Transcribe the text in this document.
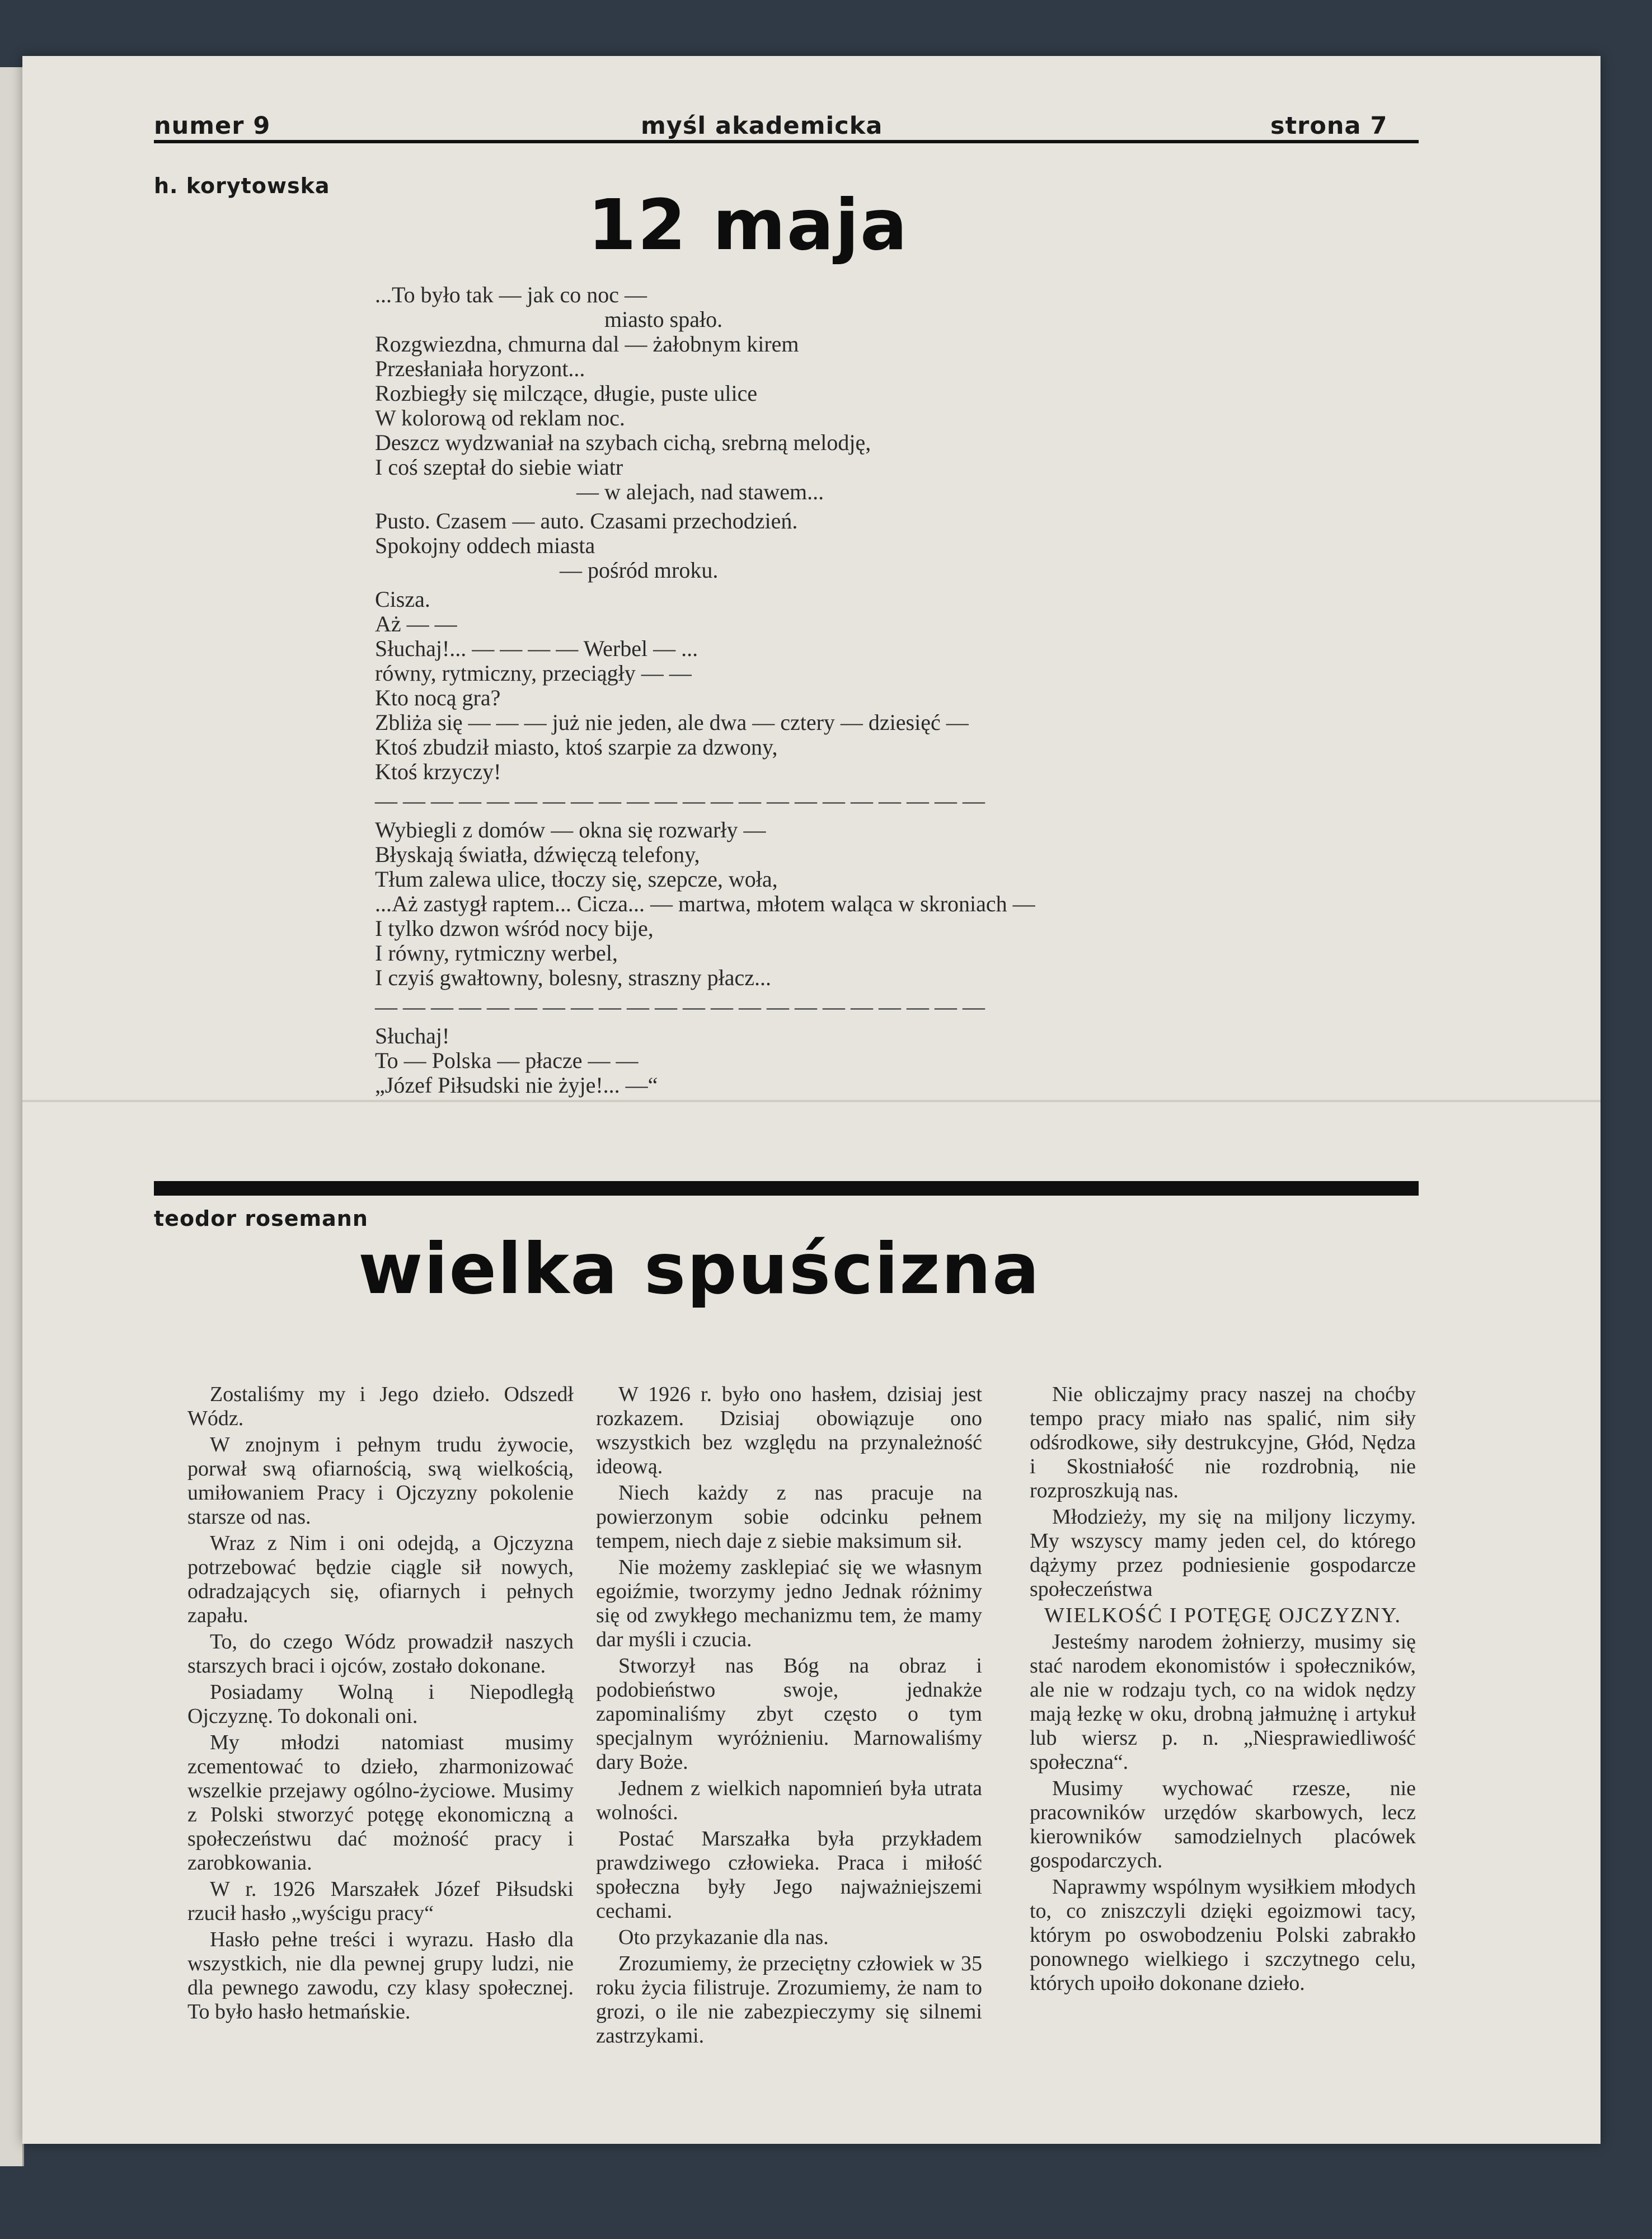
numer 9	myśl akademicka	strona 7
h. korytowska	12 maja
...To było tak — jak co noc —
miasto spało.
Rozgwiezdna, chmurna dal — żałobnym kirem
Przesłaniała horyzont...
Rozbiegły się milczące, długie, puste ulice
W kolorową od reklam noc.
Deszcz wydzwaniał na szybach cichą, srebrną melodję,
I coś szeptał do siebie wiatr
— w alejach, nad stawem...
Pusto. Czasem — auto. Czasami przechodzień.
Spokojny oddech miasta
— pośród mroku.
Cisza.
Aż — —
Słuchaj!... — — — — Werbel — ...
równy, rytmiczny, przeciągły — —
Kto nocą gra?
Zbliża się — — — już nie jeden, ale dwa — cztery — dziesięć —
Ktoś zbudził miasto, ktoś szarpie za dzwony,
Ktoś krzyczy!
— — — — — — — — — — — — — — — — — — — — — —
Wybiegli z domów — okna się rozwarły —
Błyskają światła, dźwięczą telefony,
Tłum zalewa ulice, tłoczy się, szepcze, woła,
...Aż zastygł raptem... Cicza... — martwa, młotem waląca w skroniach —
I tylko dzwon wśród nocy bije,
I równy, rytmiczny werbel,
I czyiś gwałtowny, bolesny, straszny płacz...
— — — — — — — — — — — — — — — — — — — — — —
Słuchaj!
To — Polska — płacze — —
„Józef Piłsudski nie żyje!... —“
teodor rosemann
wielka spuścizna

Zostaliśmy my i Jego dzieło. Odszedł Wódz.

W znojnym i pełnym trudu żywocie, porwał swą ofiarnością, swą wielkością, umiłowaniem Pracy i Ojczyzny pokolenie starsze od nas.

Wraz z Nim i oni odejdą, a Ojczyzna potrzebować będzie ciągle sił nowych, odradzających się, ofiarnych i pełnych zapału.

To, do czego Wódz prowadził naszych starszych braci i ojców, zostało dokonane.

Posiadamy Wolną i Niepodległą Ojczyznę. To dokonali oni.

My młodzi natomiast musimy zcementować to dzieło, zharmonizować wszelkie przejawy ogólno-życiowe. Musimy z Polski stworzyć potęgę ekonomiczną a społeczeństwu dać możność pracy i zarobkowania.

W r. 1926 Marszałek Józef Piłsudski rzucił hasło „wyścigu pracy“

Hasło pełne treści i wyrazu. Hasło dla wszystkich, nie dla pewnej grupy ludzi, nie dla pewnego zawodu, czy klasy społecznej. To było hasło hetmańskie.

W 1926 r. było ono hasłem, dzisiaj jest rozkazem. Dzisiaj obowiązuje ono wszystkich bez względu na przynależność ideową.

Niech każdy z nas pracuje na powierzonym sobie odcinku pełnem tempem, niech daje z siebie maksimum sił.

Nie możemy zasklepiać się we własnym egoiźmie, tworzymy jedno Jednak różnimy się od zwykłego mechanizmu tem, że mamy dar myśli i czucia.

Stworzył nas Bóg na obraz i podobieństwo swoje, jednakże zapominaliśmy zbyt często o tym specjalnym wyróżnieniu. Marnowaliśmy dary Boże.

Jednem z wielkich napomnień była utrata wolności.

Postać Marszałka była przykładem prawdziwego człowieka. Praca i miłość społeczna były Jego najważniejszemi cechami.

Oto przykazanie dla nas.

Zrozumiemy, że przeciętny człowiek w 35 roku życia filistruje. Zrozumiemy, że nam to grozi, o ile nie zabezpieczymy się silnemi zastrzykami.

Nie obliczajmy pracy naszej na choćby tempo pracy miało nas spalić, nim siły odśrodkowe, siły destrukcyjne, Głód, Nędza i Skostniałość nie rozdrobnią, nie rozproszkują nas.

Młodzieży, my się na miljony liczymy. My wszyscy mamy jeden cel, do którego dążymy przez podniesienie gospodarcze społeczeństwa

WIELKOŚĆ I POTĘGĘ OJCZYZNY.

Jesteśmy narodem żołnierzy, musimy się stać narodem ekonomistów i społeczników, ale nie w rodzaju tych, co na widok nędzy mają łezkę w oku, drobną jałmużnę i artykuł lub wiersz p. n. „Niesprawiedliwość społeczna“.

Musimy wychować rzesze, nie pracowników urzędów skarbowych, lecz kierowników samodzielnych placówek gospodarczych.

Naprawmy wspólnym wysiłkiem młodych to, co zniszczyli dzięki egoizmowi tacy, którym po oswobodzeniu Polski zabrakło ponownego wielkiego i szczytnego celu, których upoiło dokonane dzieło.
